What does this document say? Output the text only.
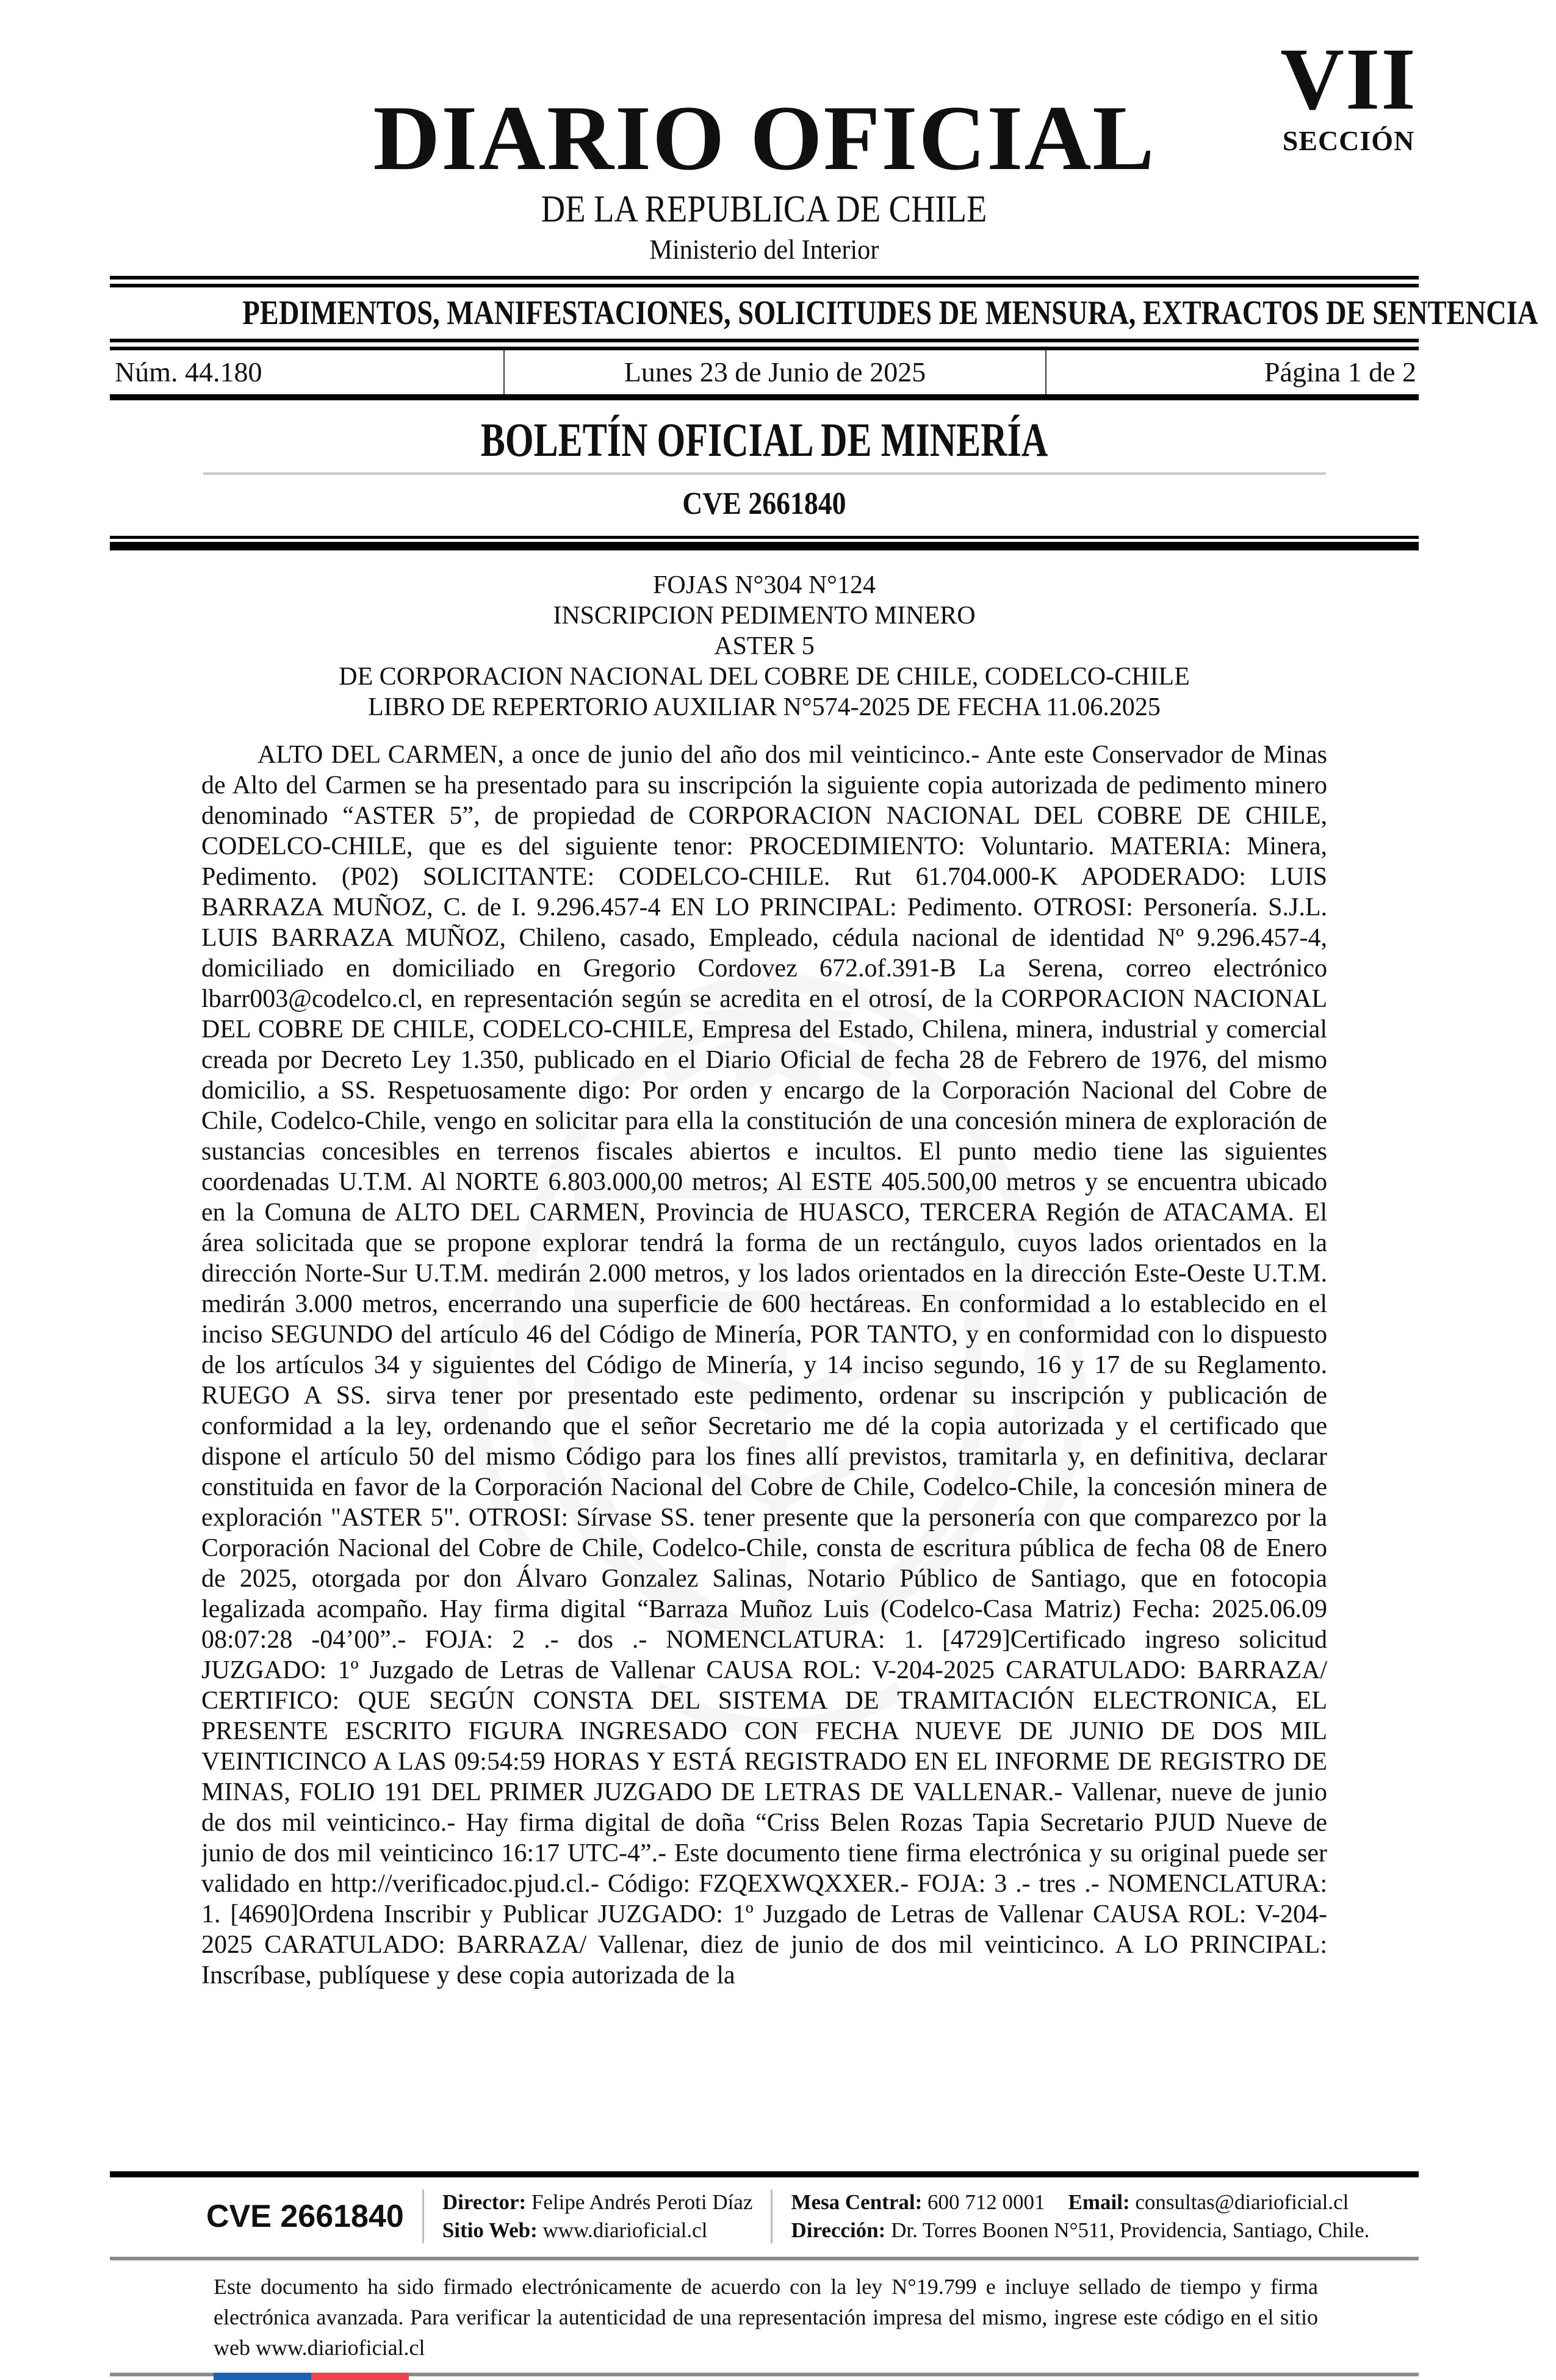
DIARIO OFICIAL
DE LA REPUBLICA DE CHILE
Ministerio del Interior
VII
SECCIÓN
PEDIMENTOS, MANIFESTACIONES, SOLICITUDES DE MENSURA, EXTRACTOS DE SENTENCIA
Núm. 44.180	Lunes 23 de Junio de 2025	Página 1 de 2
BOLETÍN OFICIAL DE MINERÍA
CVE 2661840
FOJAS N°304 N°124
INSCRIPCION PEDIMENTO MINERO
ASTER 5
DE CORPORACION NACIONAL DEL COBRE DE CHILE, CODELCO-CHILE
LIBRO DE REPERTORIO AUXILIAR N°574-2025 DE FECHA 11.06.2025

ALTO DEL CARMEN, a once de junio del año dos mil veinticinco.- Ante este Conservador de Minas de Alto del Carmen se ha presentado para su inscripción la siguiente copia autorizada de pedimento minero denominado “ASTER 5”, de propiedad de CORPORACION NACIONAL DEL COBRE DE CHILE, CODELCO-CHILE, que es del siguiente tenor: PROCEDIMIENTO: Voluntario. MATERIA: Minera, Pedimento. (P02) SOLICITANTE: CODELCO-CHILE. Rut 61.704.000-K APODERADO: LUIS BARRAZA MUÑOZ, C. de I. 9.296.457-4 EN LO PRINCIPAL: Pedimento. OTROSI: Personería. S.J.L. LUIS BARRAZA MUÑOZ, Chileno, casado, Empleado, cédula nacional de identidad Nº 9.296.457-4, domiciliado en domiciliado en Gregorio Cordovez 672.of.391-B La Serena, correo electrónico lbarr003@codelco.cl, en representación según se acredita en el otrosí, de la CORPORACION NACIONAL DEL COBRE DE CHILE, CODELCO-CHILE, Empresa del Estado, Chilena, minera, industrial y comercial creada por Decreto Ley 1.350, publicado en el Diario Oficial de fecha 28 de Febrero de 1976, del mismo domicilio, a SS. Respetuosamente digo: Por orden y encargo de la Corporación Nacional del Cobre de Chile, Codelco-Chile, vengo en solicitar para ella la constitución de una concesión minera de exploración de sustancias concesibles en terrenos fiscales abiertos e incultos. El punto medio tiene las siguientes coordenadas U.T.M. Al NORTE 6.803.000,00 metros; Al ESTE 405.500,00 metros y se encuentra ubicado en la Comuna de ALTO DEL CARMEN, Provincia de HUASCO, TERCERA Región de ATACAMA. El área solicitada que se propone explorar tendrá la forma de un rectángulo, cuyos lados orientados en la dirección Norte-Sur U.T.M. medirán 2.000 metros, y los lados orientados en la dirección Este-Oeste U.T.M. medirán 3.000 metros, encerrando una superficie de 600 hectáreas. En conformidad a lo establecido en el inciso SEGUNDO del artículo 46 del Código de Minería, POR TANTO, y en conformidad con lo dispuesto de los artículos 34 y siguientes del Código de Minería, y 14 inciso segundo, 16 y 17 de su Reglamento. RUEGO A SS. sirva tener por presentado este pedimento, ordenar su inscripción y publicación de conformidad a la ley, ordenando que el señor Secretario me dé la copia autorizada y el certificado que dispone el artículo 50 del mismo Código para los fines allí previstos, tramitarla y, en definitiva, declarar constituida en favor de la Corporación Nacional del Cobre de Chile, Codelco-Chile, la concesión minera de exploración "ASTER 5". OTROSI: Sírvase SS. tener presente que la personería con que comparezco por la Corporación Nacional del Cobre de Chile, Codelco-Chile, consta de escritura pública de fecha 08 de Enero de 2025, otorgada por don Álvaro Gonzalez Salinas, Notario Público de Santiago, que en fotocopia legalizada acompaño. Hay firma digital “Barraza Muñoz Luis (Codelco-Casa Matriz) Fecha: 2025.06.09 08:07:28 -04’00”.- FOJA: 2 .- dos .- NOMENCLATURA: 1. [4729]Certificado ingreso solicitud JUZGADO: 1º Juzgado de Letras de Vallenar CAUSA ROL: V-204-2025 CARATULADO: BARRAZA/ CERTIFICO: QUE SEGÚN CONSTA DEL SISTEMA DE TRAMITACIÓN ELECTRONICA, EL PRESENTE ESCRITO FIGURA INGRESADO CON FECHA NUEVE DE JUNIO DE DOS MIL VEINTICINCO A LAS 09:54:59 HORAS Y ESTÁ REGISTRADO EN EL INFORME DE REGISTRO DE MINAS, FOLIO 191 DEL PRIMER JUZGADO DE LETRAS DE VALLENAR.- Vallenar, nueve de junio de dos mil veinticinco.- Hay firma digital de doña “Criss Belen Rozas Tapia Secretario PJUD Nueve de junio de dos mil veinticinco 16:17 UTC-4”.- Este documento tiene firma electrónica y su original puede ser validado en http://verificadoc.pjud.cl.- Código: FZQEXWQXXER.- FOJA: 3 .- tres .- NOMENCLATURA: 1. [4690]Ordena Inscribir y Publicar JUZGADO: 1º Juzgado de Letras de Vallenar CAUSA ROL: V-204-2025 CARATULADO: BARRAZA/ Vallenar, diez de junio de dos mil veinticinco. A LO PRINCIPAL: Inscríbase, publíquese y dese copia autorizada de la

CVE 2661840 Director: Felipe Andrés Peroti Díaz
Sitio Web: www.diarioficial.cl
Mesa Central: 600 712 0001 Email: consultas@diarioficial.cl
Dirección: Dr. Torres Boonen N°511, Providencia, Santiago, Chile.
Este documento ha sido firmado electrónicamente de acuerdo con la ley N°19.799 e incluye sellado de tiempo y firma electrónica avanzada. Para verificar la autenticidad de una representación impresa del mismo, ingrese este código en el sitio web www.diarioficial.cl
